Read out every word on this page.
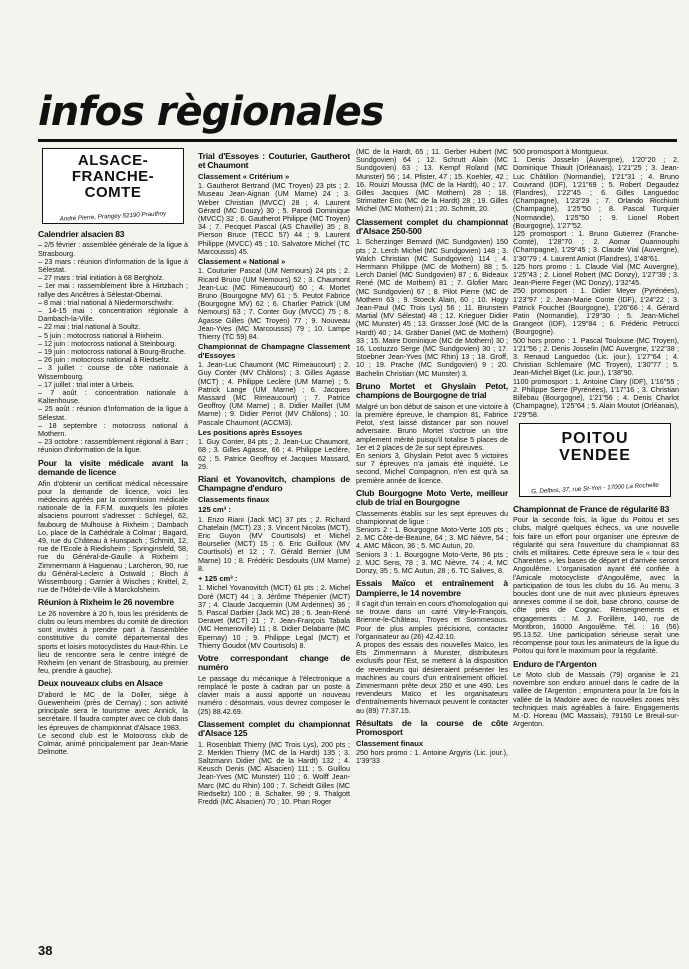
infos règionales
ALSACE-
FRANCHE-
COMTE
André Pierre, Prangey 52190 Prauthoy
Calendrier alsacien 83

– 2/5 février : assemblée générale de la ligue à Strasbourg.

– 23 mars : réunion d'information de la ligue à Sélestat.

– 27 mars : trial initiation à 68 Bergholz.

– 1er mai : rassemblement libre à Hirtzbach ; rallye des Ancêtres à Sélestat-Obernai.

– 8 mai : trial national à Niedermorschwihr.

– 14-15 mai : concentration régionale à Dambach-la-Ville.

– 22 mai : trial national à Soultz.

– 5 juin : motocross national à Rixheim.

– 12 juin : motocross national à Steinbourg.

– 19 juin : motocross national à Bourg-Bruche.

– 26 juin : motocross national à Riedseltz.

– 3 juillet : course de côte nationale à Wissembourg.

– 17 juillet : trial inter à Urbeis.

– 7 août : concentration nationale à Kaltenhouse.

– 25 août : réunion d'information de la ligue à Sélestat.

– 18 septembre : motocross national à Mothern.

– 23 octobre : rassemblement régional à Barr ; réunion d'information de la ligue.

Pour la visite médicale avant la demande de licence

Afin d'obtenir un certificat médical nécessaire pour la demande de licence, voici les médecins agréés par la commission médicale nationale de la F.F.M. auxquels les pilotes alsaciens pourront s'adresser : Schlegel, 62, faubourg de Mulhouse à Rixheim ; Dambach Lo, place de la Cathédrale à Colmar ; Bagard, 49, rue du Château à Hunspach ; Schmitt, 12, rue de l'Ecole à Riedisheim ; Springinsfeld, 58, rue du Général-de-Gaulle à Rixheim ; Zimmermann à Haguenau ; Larcheron, 90, rue du Général-Leclerc à Ostwald ; Bloch à Wissembourg ; Garnier à Wisches ; Knittel, 2, rue de l'Hôtel-de-Ville à Marckolsheim.

Réunion à Rixheim le 26 novembre

Le 26 novembre à 20 h, tous les présidents de clubs ou leurs membres du comité de direction sont invités à prendre part à l'assemblée constitutive du comité départemental des sports et loisirs motocyclistes du Haut-Rhin. Le lieu de rencontre sera le centre intégré de Rixheim (en venant de Strasbourg, au premier feu, prendre à gauche).

Deux nouveaux clubs en Alsace

D'abord le MC de la Doller, siège à Guewenheim (près de Cernay) ; son activité principale sera le tourisme avec Annick, la secrétaire. Il faudra compter avec ce club dans les épreuves de championnat d'Alsace 1983.

Le second club est le Motocross club de Colmar, animé principalement par Jean-Marie Delmotte.

Trial d'Essoyes : Couturier, Gautherot et Chaumont
Classement « Critérium »

1. Gautherot Bertrand (MC Troyen) 23 pts ; 2. Museau Jean-Aignan (UM Marne) 24 ; 3. Weber Christian (MVCC) 28 ; 4. Laurent Gérard (MC Douzy) 30 ; 5. Parodi Dominique (MVCC) 32 ; 6. Gautherot Philippe (MC Troyen) 34 ; 7. Pecquet Pascal (AS Chaville) 35 ; 8. Pierson Bruce (TECC 57) 44 ; 9. Laurent Philippe (MVCC) 45 ; 10. Salvatore Michel (TC Marcoussis) 45.

Classement « National »

1. Couturier Pascal (UM Nemours) 24 pts ; 2. Ricard Bruno (UM Nemours) 52 ; 3. Chaumont Jean-Luc (MC Rimeaucourt) 60 ; 4. Mortet Bruno (Bourgogne MV) 61 ; 5. Peutot Fabrice (Bourgogne MV) 62 ; 6. Charlier Patrick (UM Nemours) 63 ; 7. Conter Guy (MVCC) 75 ; 8. Agasse Gilles (MC Troyen) 77 ; 9. Nouveau Jean-Yves (MC Marcoussis) 79 ; 10. Lampe Thierry (TC 59) 84.

Championnat de Champagne Classement d'Essoyes

1. Jean-Luc Chaumont (MC Rimeaucourt) ; 2. Guy Conter (MV Châlons) ; 3. Gilles Agasse (MCT) ; 4. Philippe Leclère (UM Marne) ; 5. Patrick Lange (UM Marne) ; 6. Jacques Massard (MC Rimeaucourt) ; 7. Patrice Geoffroy (UM Marne) ; 8. Didier Maillet (UM Marne) ; 9. Didier Perrot (MV Châlons) ; 10. Pascale Chaumont (ACCM3).

Les positions après Essoyes

1. Guy Conter, 84 pts ; 2. Jean-Luc Chaumont, 68 ; 3. Gilles Agasse, 66 ; 4. Philippe Leclère, 62 ; 5. Patrice Geoffroy et Jacques Massard, 29.

Riani et Yovanovitch, champions de Champagne d'enduro
Classements finaux
125 cm³ :

1. Enzo Riani (Jack MC) 37 pts ; 2. Richard Chatelain (MCT) 23 ; 3. Vincent Nicolas (MCT), Eric Guyon (MV Courtisols) et Michel Bourselier (MCT) 15 ; 6. Eric Guilloux (MV Courtisols) et 12 ; 7. Gérald Bernier (UM Marne) 10 ; 8. Frédéric Desdouits (UM Marne) 8.

+ 125 cm³ :

1. Michel Yovanovitch (MCT) 61 pts ; 2. Michel Doré (MCT) 44 ; 3. Jérôme Thépenier (MCT) 37 ; 4. Claude Jacquemin (UM Ardennes) 36 ; 5. Pascal Darbier (Jack MC) 28 ; 6. Jean-René Deravet (MCT) 21 ; 7. Jean-François Tabala (MC Hemenoville) 11 ; 8. Didier Delabarre (MC Epernay) 10 ; 9. Philippe Legal (MCT) et Thierry Goudot (MV Courtisols) 8.

Votre correspondant change de numéro

Le passage du mécanique à l'électronique a remplacé le poste à cadran par un poste à clavier mais a aussi apporté un nouveau numéro : désormais, vous devrez composer le (25) 88.42.69.

Classement complet du championnat d'Alsace 125

1. Rosenblatt Thierry (MC Trois Lys), 200 pts ; 2. Merklen Thierry (MC de la Hardt) 135 ; 3. Saltzmann Didier (MC de la Hardt) 132 ; 4. Keusch Denis (MC Alsacien) 111 ; 5. Guillou Jean-Yves (MC Munster) 110 ; 6. Wolff Jean-Marc (MC du Rhin) 100 ; 7. Scheidt Gilles (MC Riedseltz) 100 ; 8. Schalter, 99 ; 9. Thalgott Freddi (MC Alsacien) 70 ; 10. Phan Roger

(MC de la Hardt, 65 ; 11. Gerber Hubert (MC Sundgovien) 64 ; 12. Schrutt Alain (MC Sundgovien) 63 ; 13. Kempf Roland (MC Munster) 56 ; 14. Pfister, 47 ; 15. Koehler, 42 ; 16. Rouizi Moussa (MC de la Hardt), 40 ; 17. Gilles Jacques (MC Mothern) 28 ; 18. Strimatter Eric (MC de la Hardt) 28 ; 19. Gilles Michel (MC Mothern) 21 ; 20. Schmitt, 20.

Classement complet du championnat d'Alsace 250-500

1. Scherzinger Bernard (MC Sundgovien) 150 pts ; 2. Lerch Michel (MC Sundgovien) 148 ; 3. Walch Christian (MC Sundgovien) 114 ; 4. Herrmann Philippe (MC de Mothern) 88 ; 5. Lerch Daniel (MC Sundgovien) 87 ; 6. Bideaux René (MC de Mothern) 81 ; 7. Glofier Marc (MC Sundgovien) 67 ; 8. Pilot Pierre (MC de Mothern 63 ; 9. Stoeck Alain, 60 ; 10. Hogy Jean-Paul (MC Trois Lys) 56 ; 11. Brunstein Martial (MV Sélestat) 48 ; 12. Krieguer Didier (MC Munster) 45 ; 13. Grasser José (MC de la Hardt) 40 ; 14. Gräber Daniel (MC de Mothern) 33 ; 15. Maire Dominique (MC de Mothern) 30 ; 16. Lostuzzo Serge (MC Sundgovien) 30 ; 17. Stoebner Jean-Yves (MC Rhin) 13 ; 18. Groff, 10 ; 19. Prache (MC Sundgovien) 9 ; 20. Bachelin Christian (MC Munster) 3.

Bruno Mortet et Ghyslain Petot, champions de Bourgogne de trial

Malgré un bon début de saison et une victoire à la première épreuve, le champion 81, Fabrice Petot, s'est laissé distancer par son nouvel adversaire. Bruno Mortet s'octroie un titre amplement mérité puisqu'il totalise 5 places de 1er et 2 places de 2e sur sept épreuves.

En seniors 3, Ghyslain Petot avec 5 victoires sur 7 épreuves n'a jamais été inquiété. Le second, Michel Compagnon, n'en est qu'à sa première année de licence.

Club Bourgogne Moto Verte, meilleur club de trial en Bourgogne

Classements établis sur les sept épreuves du championnat de ligue :

Seniors 2 : 1. Bourgogne Moto-Verte 105 pts ; 2. MC Côte-de-Beaune, 64 ; 3. MC Nièvre, 54 ; 4. AMC Mâcon, 36 ; 5. MC Autun, 20.

Seniors 3 : 1. Bourgogne Moto-Verte, 96 pts ; 2. MJC Sens, 78 ; 3. MC Nièvre, 74 ; 4. MC Donzy, 35 ; 5. MC Autun, 28 ; 6. TC Salives, 8.

Essais Maïco et entraînement à Dampierre, le 14 novembre

Il s'agit d'un terrain en cours d'homologation qui se trouve dans un carré Vitry-le-François, Brienne-le-Château, Troyes et Sommesous. Pour de plus amples précisions, contactez l'organisateur au (26) 42.42.10.

A propos des essais des nouvelles Maïco, les Ets Zimmermann à Munster, distributeurs exclusifs pour l'Est, se mettent à la disposition de revendeurs qui désireraient présenter les machines au cours d'un entraînement officiel. Zimmermann prête deux 250 et une 490. Les revendeurs Maïco et les organisateurs d'entraînements hivernaux peuvent le contacter au (89) 77.37.15.

Résultats de la course de côte Promosport
Classement finaux

250 hors promo : 1. Antoine Argyris (Lic. jour.), 1'39"33

500 promosport à Montgueux.

1. Denis Josselin (Auvergne), 1'20"20 ; 2. Dominique Thiault (Orléanais), 1'21"25 ; 3. Jean-Luc Châtillon (Normandie), 1'21"31 ; 4. Bruno Couvrand (IDF), 1'21"69 ; 5. Robert Degaudez (Flandres), 1'22"45 ; 6. Gilles Languedoc (Champagne), 1'23"29 ; 7. Orlando Ricchiutti (Champagne), 1'25"50 ; 8. Pascal Turquier (Normandie), 1'25"50 ; 9. Lionel Robert (Bourgogne), 1'27"52.

125 promosport : 1. Bruno Gutierrez (Franche-Comté), 1'28"70 ; 2. Aomar Ouannouphi (Champagne), 1'29"45 ; 3. Claude Vial (Auvergne), 1'30"79 ; 4. Laurent Amiot (Flandres), 1'48"61.

125 hors promo : 1. Claude Vial (MC Auvergne), 1'25"43 ; 2. Lionel Robert (MC Donzy), 1'27"39 ; 3. Jean-Pierre Feger (MC Donzy), 1'32"45.

250 promosport : 1. Didier Meyer (Pyrénées), 1'23"97 ; 2. Jean-Marie Conte (IDF), 1'24"22 ; 3. Patrick Fouchet (Bourgogne), 1'26"66 ; 4. Gérard Patin (Normandie), 1'29"30 ; 5. Jean-Michel Grangeot (IDF), 1'29"84 ; 6. Frédéric Petrucci (Bourgogne).

500 hors promo : 1. Pascal Toulouse (MC Troyen), 1'21"56 ; 2. Denis Josselin (MC Auvergne, 1'22"38 ; 3. Renaud Languedoc (Lic. jour.), 1'27"64 ; 4. Christian Schlemaire (MC Troyen), 1'30"77 ; 5. Jean-Michel Biget (Lic. jour.), 1'38"90.

1100 promosport : 1. Antoine Clary (IDF), 1'16"55 ; 2. Philippe Serre (Pyrénées), 1'17"16 ; 3. Christian Billebau (Bourgogne), 1'21"56 ; 4. Denis Charlot (Champagne), 1'25"64 ; 5. Alain Moutot (Orléanais), 1'29"58.

POITOU
VENDEE
G. Delbos, 37, rue St-Yon - 17000 La Rochelle
Championnat de France de régularité 83

Pour la seconde fois, la ligue du Poitou et ses clubs, malgré quelques échecs, va une nouvelle fois faire un effort pour organiser une épreuve de régularité qui sera l'ouverture du championnat 83 civils et militaires. Cette épreuve sera le « tour des Charentes », les bases de départ et d'arrivée seront Angoulême. L'organisation ayant été confiée à l'Amicale motocycliste d'Angoulême, avec la participation de tous les clubs du 16. Au menu, 3 boucles dont une de nuit avec plusieurs épreuves annexes comme il se doit, base chrono, course de côte près de Cognac. Renseignements et engagements : M. J. Forillère, 140, rue de Montbron, 16000 Angoulême. Tél. : 16 (56) 95.13.52. Une participation sérieuse serait une récompense pour tous les animateurs de la ligue du Poitou qui font le maximum pour la régularité.

Enduro de l'Argenton

Le Moto club de Massais (79) organise le 21 novembre son enduro annuel dans le cadre de la vallée de l'Argenton ; empruntera pour la 1re fois la vallée de la Madoire avec de nouvelles zones très techniques mais agréables à faire. Engagements M.-D. Horeau (MC Massais), 79150 Le Breuil-sur-Argenton.

38
